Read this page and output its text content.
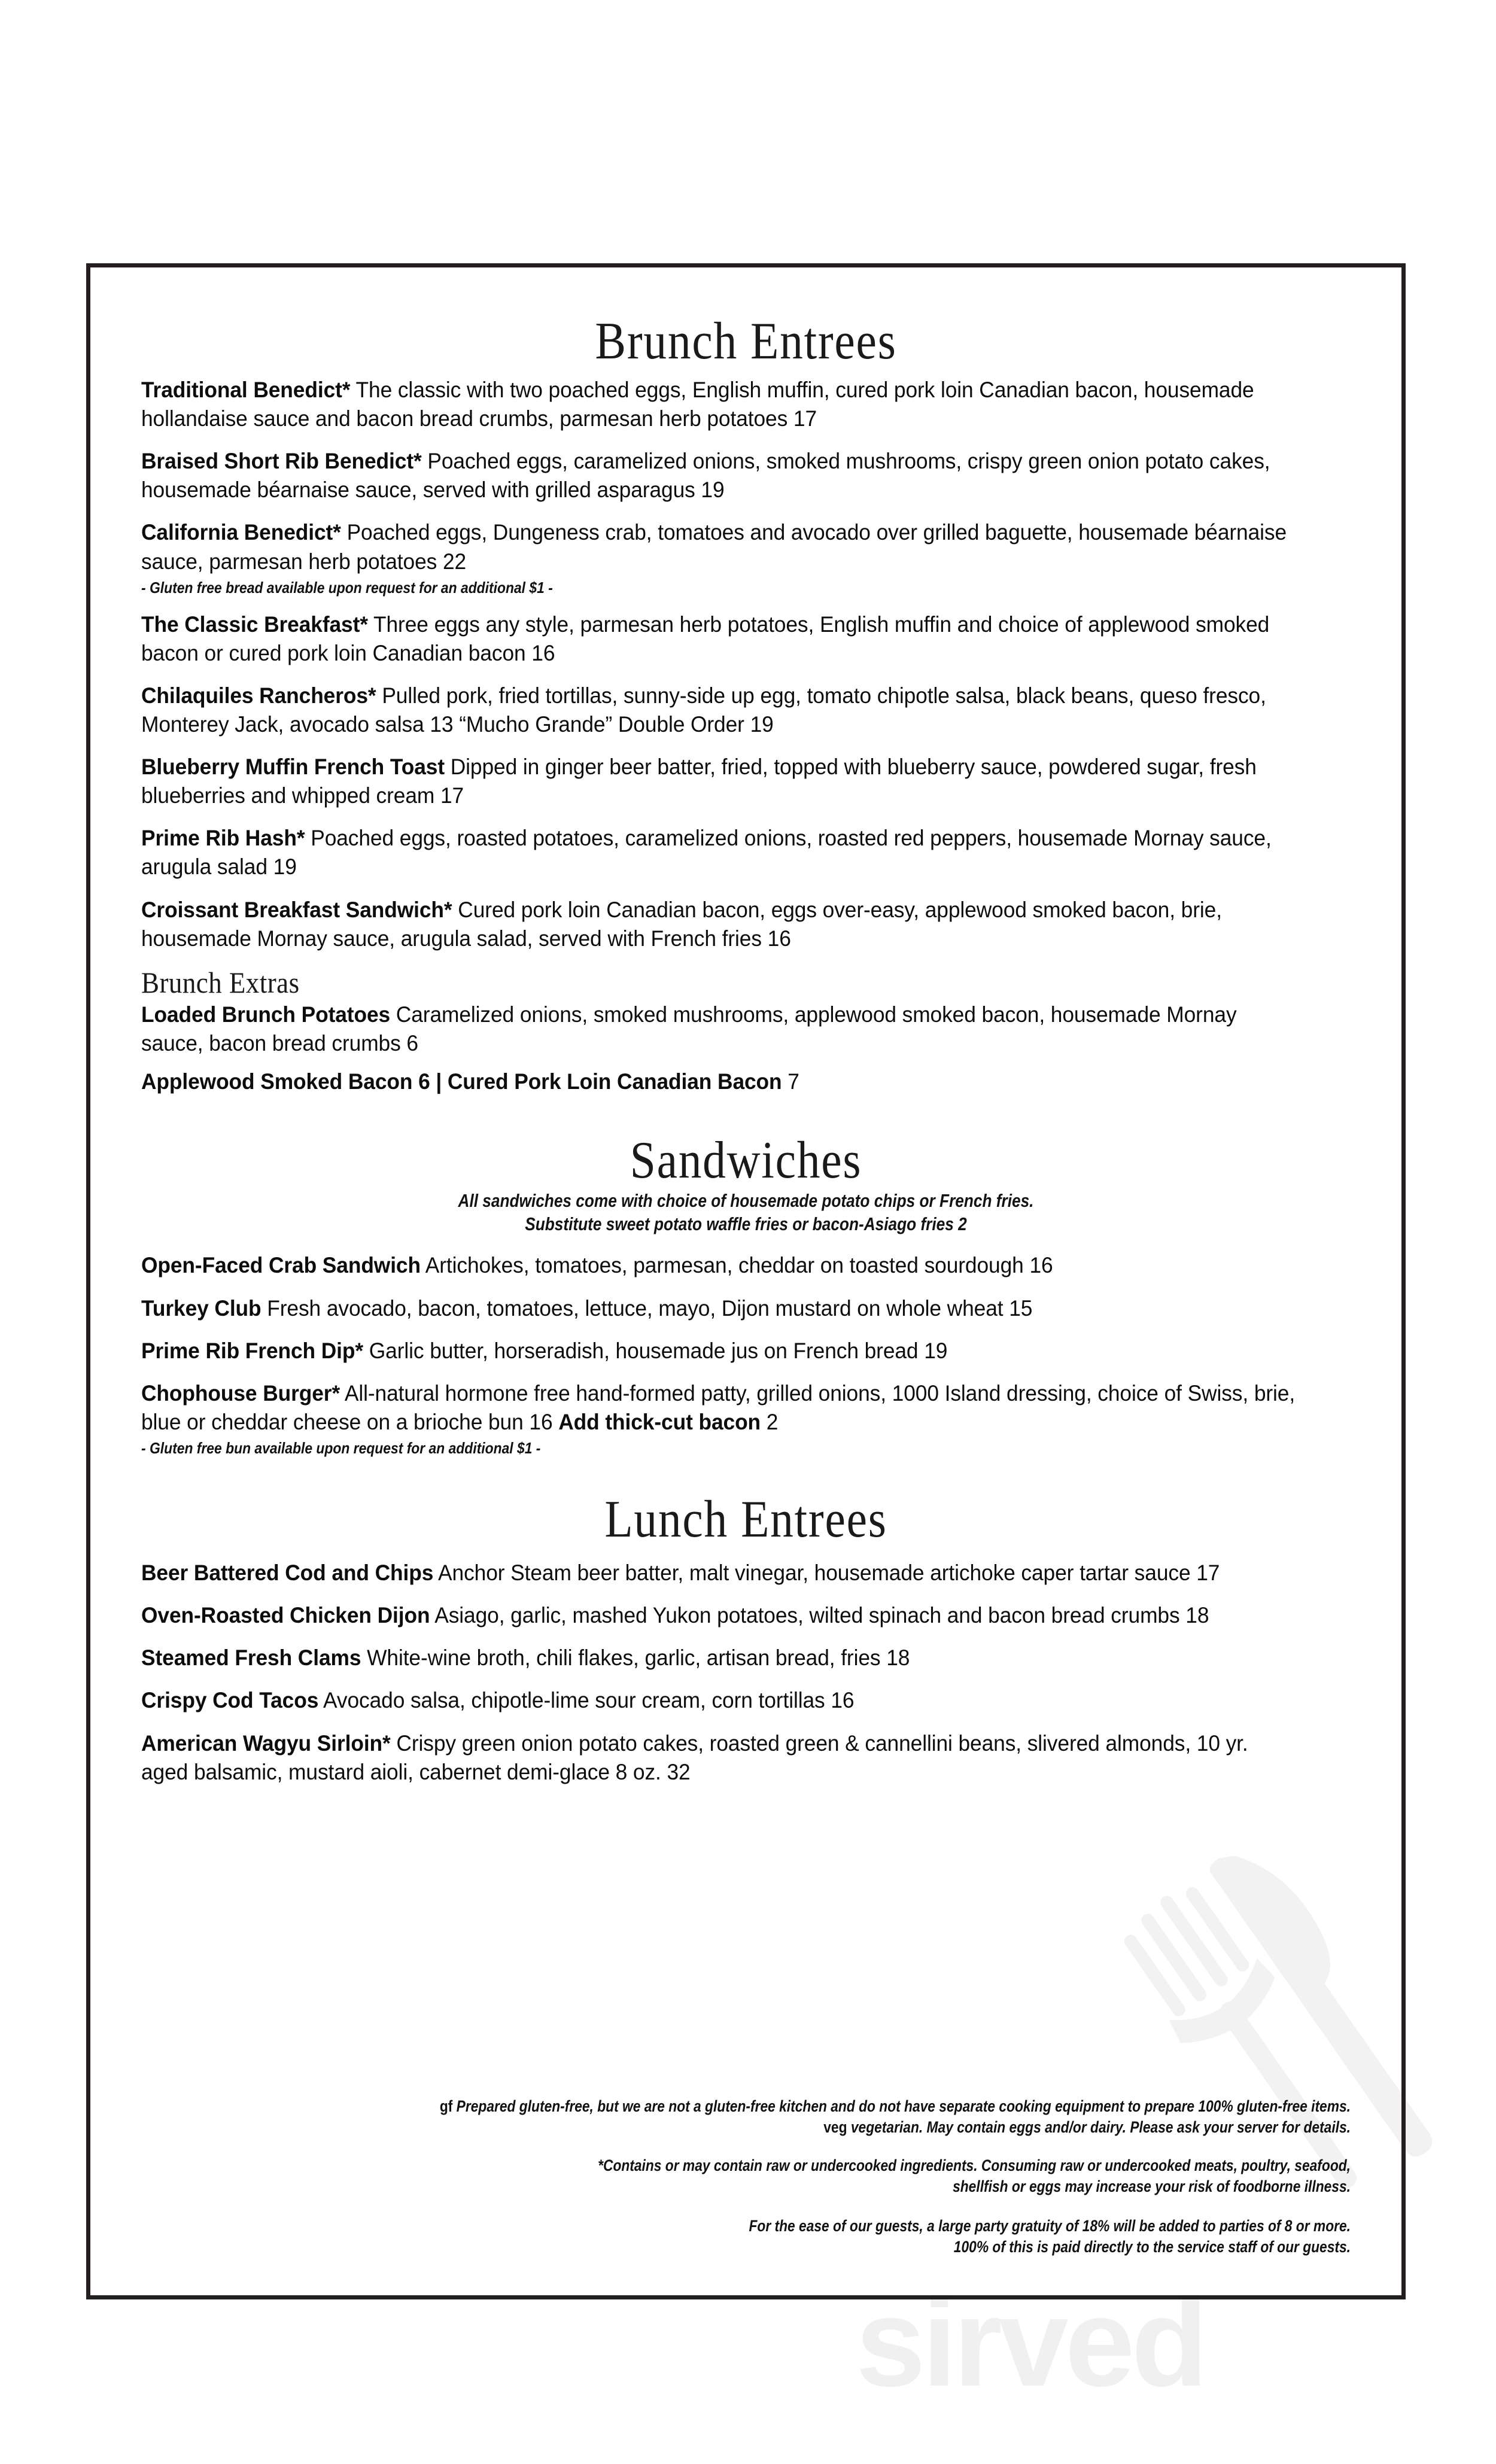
sirved
Brunch Entrees

Traditional Benedict* The classic with two poached eggs, English muffin, cured pork loin Canadian bacon, housemade hollandaise sauce and bacon bread crumbs, parmesan herb potatoes 17

Braised Short Rib Benedict* Poached eggs, caramelized onions, smoked mushrooms, crispy green onion potato cakes, housemade béarnaise sauce, served with grilled asparagus 19

California Benedict* Poached eggs, Dungeness crab, tomatoes and avocado over grilled baguette, housemade béarnaise sauce, parmesan herb potatoes 22

- Gluten free bread available upon request for an additional $1 -

The Classic Breakfast* Three eggs any style, parmesan herb potatoes, English muffin and choice of applewood smoked bacon or cured pork loin Canadian bacon 16

Chilaquiles Rancheros* Pulled pork, fried tortillas, sunny-side up egg, tomato chipotle salsa, black beans, queso fresco, Monterey Jack, avocado salsa 13 “Mucho Grande” Double Order 19

Blueberry Muffin French Toast Dipped in ginger beer batter, fried, topped with blueberry sauce, powdered sugar, fresh blueberries and whipped cream 17

Prime Rib Hash* Poached eggs, roasted potatoes, caramelized onions, roasted red peppers, housemade Mornay sauce, arugula salad 19

Croissant Breakfast Sandwich* Cured pork loin Canadian bacon, eggs over-easy, applewood smoked bacon, brie, housemade Mornay sauce, arugula salad, served with French fries 16

Brunch Extras

Loaded Brunch Potatoes Caramelized onions, smoked mushrooms, applewood smoked bacon, housemade Mornay sauce, bacon bread crumbs 6

Applewood Smoked Bacon 6 | Cured Pork Loin Canadian Bacon 7

Sandwiches

All sandwiches come with choice of housemade potato chips or French fries.

Substitute sweet potato waffle fries or bacon-Asiago fries 2

Open-Faced Crab Sandwich Artichokes, tomatoes, parmesan, cheddar on toasted sourdough 16

Turkey Club Fresh avocado, bacon, tomatoes, lettuce, mayo, Dijon mustard on whole wheat 15

Prime Rib French Dip* Garlic butter, horseradish, housemade jus on French bread 19

Chophouse Burger* All-natural hormone free hand-formed patty, grilled onions, 1000 Island dressing, choice of Swiss, brie, blue or cheddar cheese on a brioche bun 16 Add thick-cut bacon 2

- Gluten free bun available upon request for an additional $1 -

Lunch Entrees

Beer Battered Cod and Chips Anchor Steam beer batter, malt vinegar, housemade artichoke caper tartar sauce 17

Oven-Roasted Chicken Dijon Asiago, garlic, mashed Yukon potatoes, wilted spinach and bacon bread crumbs 18

Steamed Fresh Clams White-wine broth, chili flakes, garlic, artisan bread, fries 18

Crispy Cod Tacos Avocado salsa, chipotle-lime sour cream, corn tortillas 16

American Wagyu Sirloin* Crispy green onion potato cakes, roasted green & cannellini beans, slivered almonds, 10 yr. aged balsamic, mustard aioli, cabernet demi-glace 8 oz. 32

gf Prepared gluten-free, but we are not a gluten-free kitchen and do not have separate cooking equipment to prepare 100% gluten-free items.

veg vegetarian. May contain eggs and/or dairy. Please ask your server for details.

*Contains or may contain raw or undercooked ingredients. Consuming raw or undercooked meats, poultry, seafood,

shellfish or eggs may increase your risk of foodborne illness.

For the ease of our guests, a large party gratuity of 18% will be added to parties of 8 or more.

100% of this is paid directly to the service staff of our guests.
